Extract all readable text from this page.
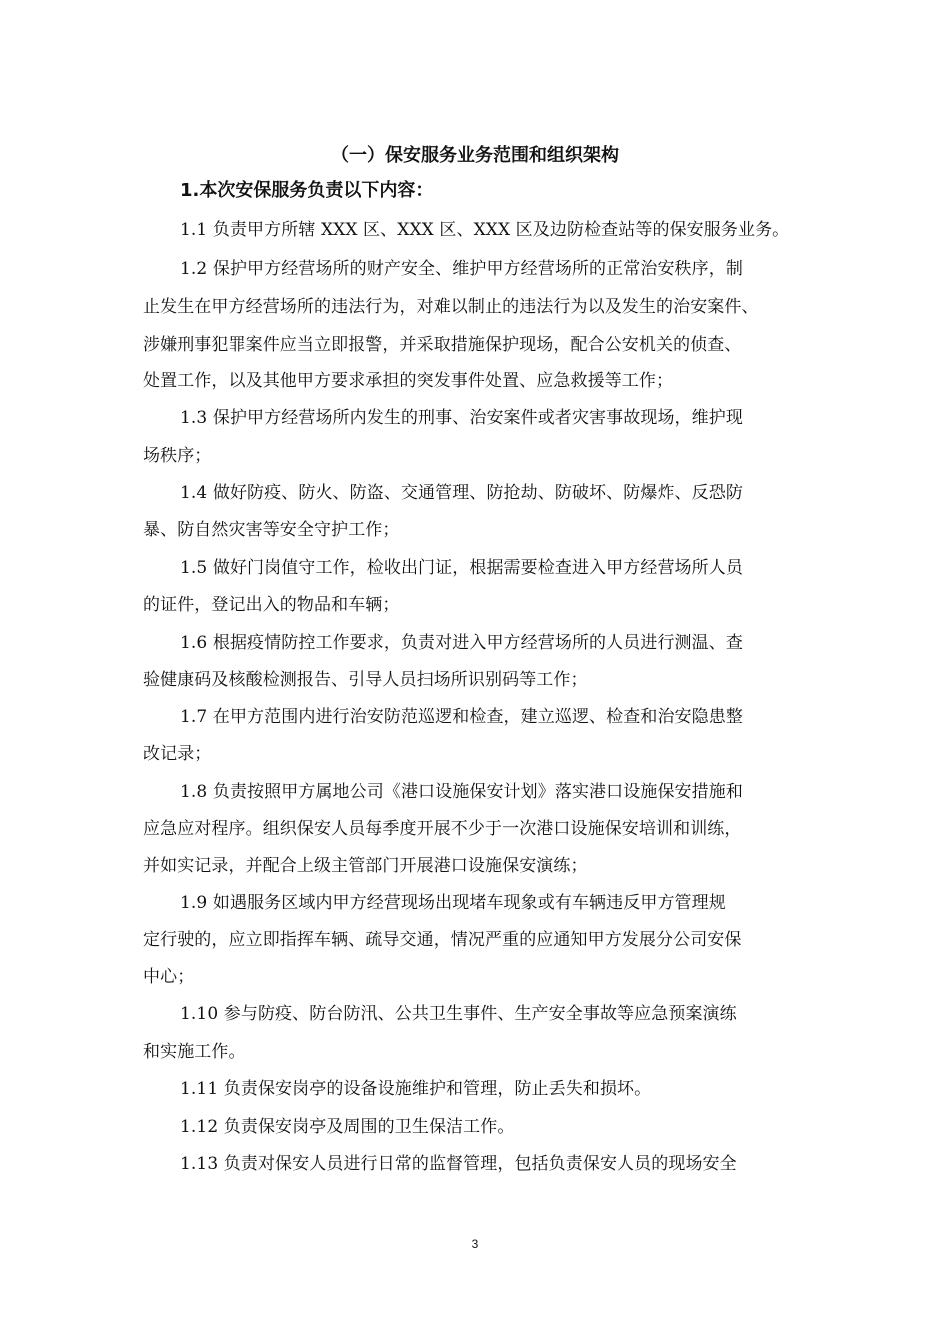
（一）保安服务业务范围和组织架构
1.本次安保服务负责以下内容：
1.1 负责甲方所辖 XXX 区、XXX 区、XXX 区及边防检查站等的保安服务业务。
1.2 保护甲方经营场所的财产安全、维护甲方经营场所的正常治安秩序，制
止发生在甲方经营场所的违法行为，对难以制止的违法行为以及发生的治安案件、
涉嫌刑事犯罪案件应当立即报警，并采取措施保护现场，配合公安机关的侦查、
处置工作，以及其他甲方要求承担的突发事件处置、应急救援等工作；
1.3 保护甲方经营场所内发生的刑事、治安案件或者灾害事故现场，维护现
场秩序；
1.4 做好防疫、防火、防盗、交通管理、防抢劫、防破坏、防爆炸、反恐防
暴、防自然灾害等安全守护工作；
1.5 做好门岗值守工作，检收出门证，根据需要检查进入甲方经营场所人员
的证件，登记出入的物品和车辆；
1.6 根据疫情防控工作要求，负责对进入甲方经营场所的人员进行测温、查
验健康码及核酸检测报告、引导人员扫场所识别码等工作；
1.7 在甲方范围内进行治安防范巡逻和检查，建立巡逻、检查和治安隐患整
改记录；
1.8 负责按照甲方属地公司《港口设施保安计划》落实港口设施保安措施和
应急应对程序。组织保安人员每季度开展不少于一次港口设施保安培训和训练，
并如实记录，并配合上级主管部门开展港口设施保安演练；
1.9 如遇服务区域内甲方经营现场出现堵车现象或有车辆违反甲方管理规
定行驶的，应立即指挥车辆、疏导交通，情况严重的应通知甲方发展分公司安保
中心；
1.10 参与防疫、防台防汛、公共卫生事件、生产安全事故等应急预案演练
和实施工作。
1.11 负责保安岗亭的设备设施维护和管理，防止丢失和损坏。
1.12 负责保安岗亭及周围的卫生保洁工作。
1.13 负责对保安人员进行日常的监督管理，包括负责保安人员的现场安全
3
